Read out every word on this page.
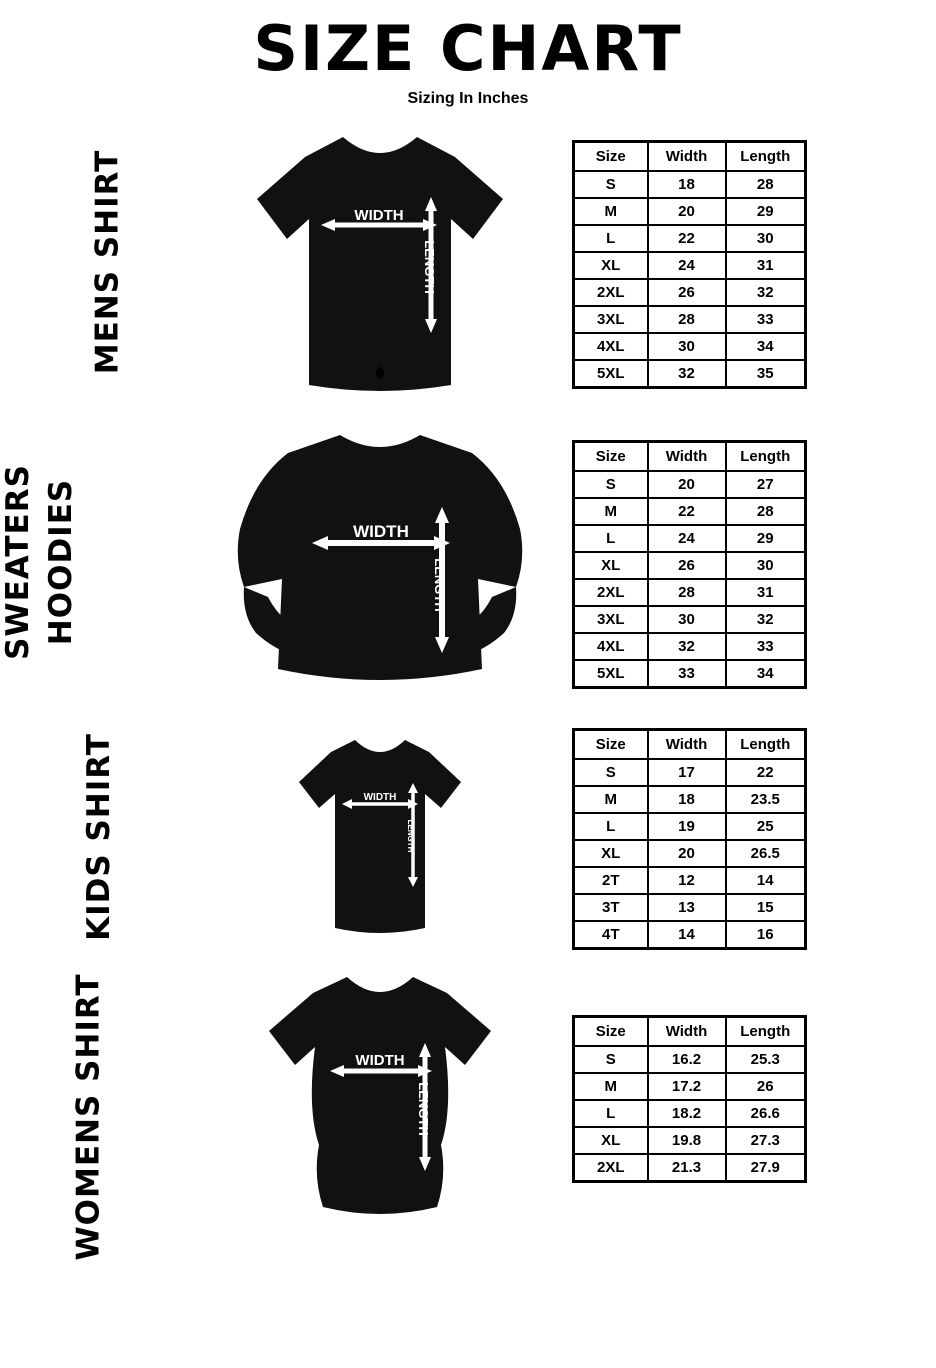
SIZE CHART
Sizing In Inches
MENS SHIRT	WIDTH
LENGTH
Size	Width	Length
S	18	28
M	20	29
L	22	30
XL	24	31
2XL	26	32
3XL	28	33
4XL	30	34
5XL	32	35
SWEATERS HOODIES	WIDTH
LENGTH
Size	Width	Length
S	20	27
M	22	28
L	24	29
XL	26	30
2XL	28	31
3XL	30	32
4XL	32	33
5XL	33	34
KIDS SHIRT	WIDTH
LENGTH
Size	Width	Length
S	17	22
M	18	23.5
L	19	25
XL	20	26.5
2T	12	14
3T	13	15
4T	14	16
WOMENS SHIRT	WIDTH
LENGTH
Size	Width	Length
S	16.2	25.3
M	17.2	26
L	18.2	26.6
XL	19.8	27.3
2XL	21.3	27.9
